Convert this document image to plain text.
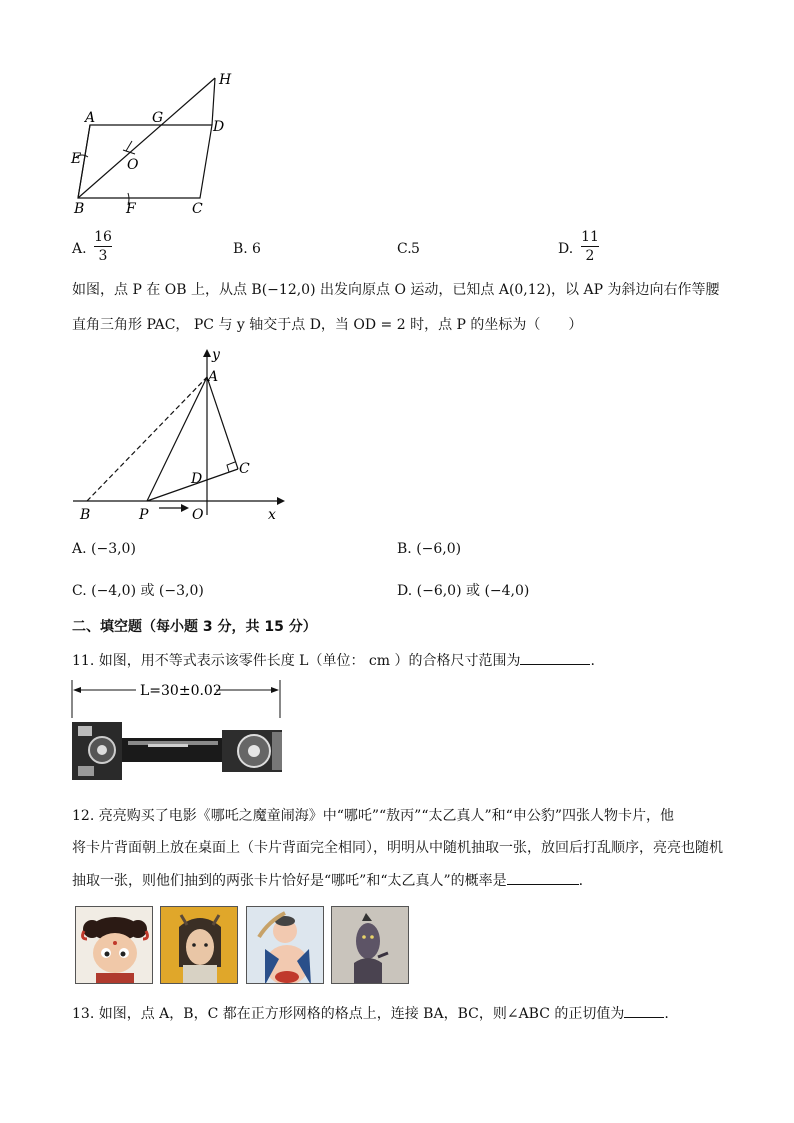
H
A	G
D
E	O
B	F	C
A.
16
3	B. 6	C. 5	D.
11
2
如图，点 P 在 OB 上，从点 B(−12,0) 出发向原点 O 运动，已知点 A(0,12)，以 AP 为斜边向右作等腰
直角三角形 PAC， PC 与 y 轴交于点 D，当 OD = 2 时，点 P 的坐标为（　　）
y
A
C
D
B	P	O	x
A. (−3,0)	B. (−6,0)
C. (−4,0) 或 (−3,0)	D. (−6,0) 或 (−4,0)
二、填空题（每小题 3 分，共 15 分）
11. 如图，用不等式表示该零件长度 L（单位： cm ）的合格尺寸范围为	.
L=30±0.02
12. 亮亮购买了电影《哪吒之魔童闹海》中“哪吒”“敖丙”“太乙真人”和“申公豹”四张人物卡片，他
将卡片背面朝上放在桌面上（卡片背面完全相同），明明从中随机抽取一张，放回后打乱顺序，亮亮也随机
抽取一张，则他们抽到的两张卡片恰好是“哪吒”和“太乙真人”的概率是	.
13. 如图，点 A，B，C 都在正方形网格的格点上，连接 BA，BC，则∠ABC 的正切值为	.
